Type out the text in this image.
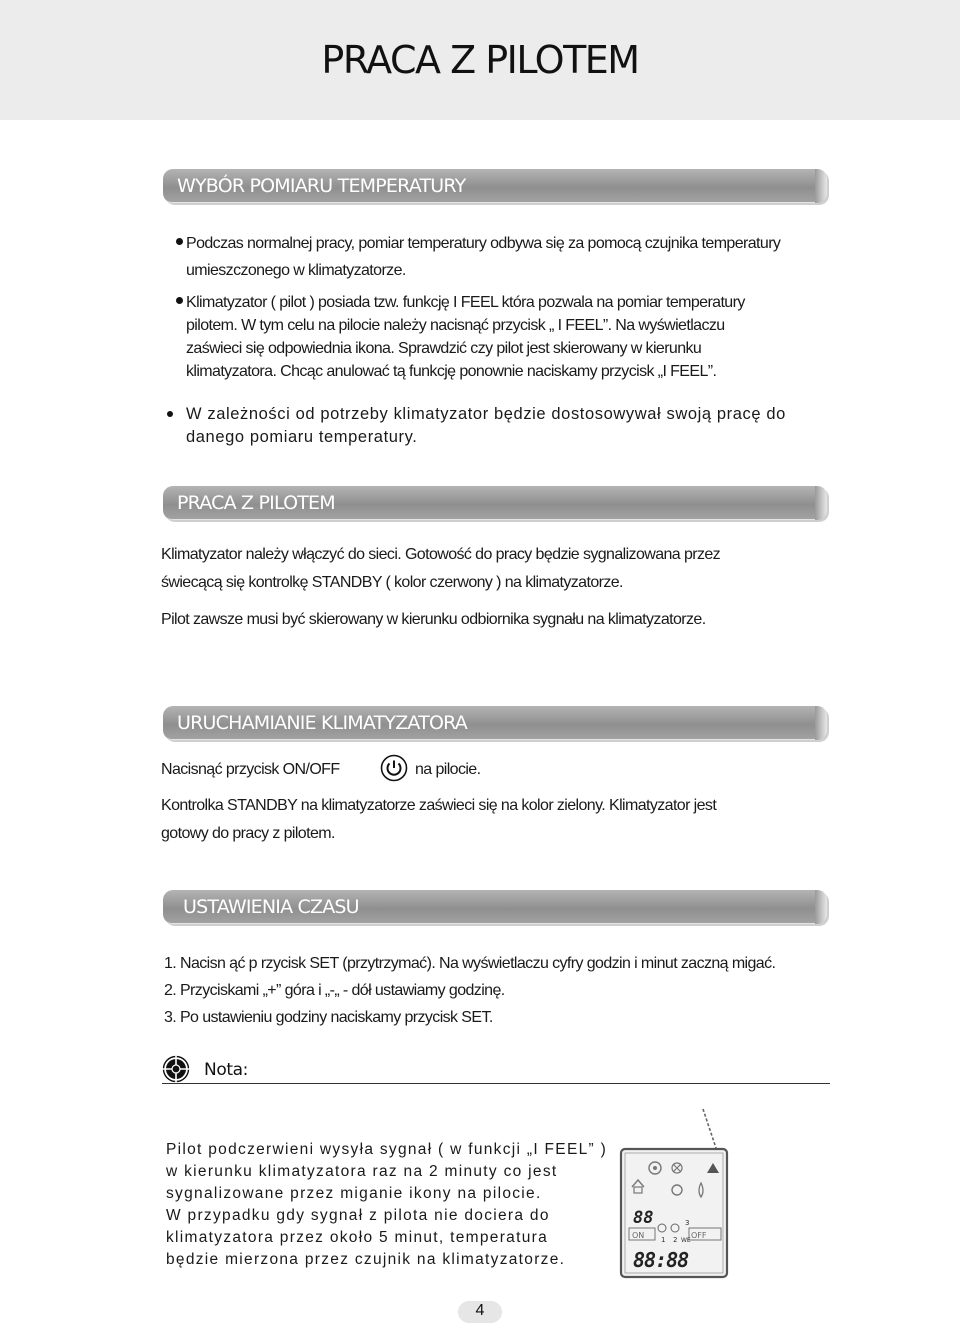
PRACA Z PILOTEM
WYBÓR POMIARU TEMPERATURY
Podczas normalnej pracy, pomiar temperatury odbywa się za pomocą czujnika temperatury
umieszczonego w klimatyzatorze.
Klimatyzator ( pilot ) posiada tzw. funkcję I FEEL która pozwala na pomiar temperatury
pilotem. W tym celu na pilocie należy nacisnąć przycisk „ I FEEL”. Na wyświetlaczu
zaświeci się odpowiednia ikona. Sprawdzić czy pilot jest skierowany w kierunku
klimatyzatora. Chcąc anulować tą funkcję ponownie naciskamy przycisk „I FEEL”.
W zależności od potrzeby klimatyzator będzie dostosowywał swoją pracę do
danego pomiaru temperatury.
PRACA Z PILOTEM
Klimatyzator należy włączyć do sieci. Gotowość do pracy będzie sygnalizowana przez
świecącą się kontrolkę STANDBY ( kolor czerwony ) na klimatyzatorze.
Pilot zawsze musi być skierowany w kierunku odbiornika sygnału na klimatyzatorze.
URUCHAMIANIE KLIMATYZATORA
Nacisnąć przycisk ON/OFF	na pilocie.
Kontrolka STANDBY na klimatyzatorze zaświeci się na kolor zielony. Klimatyzator jest
gotowy do pracy z pilotem.
USTAWIENIA CZASU
1. Nacisn ąć p rzycisk SET (przytrzymać). Na wyświetlaczu cyfry godzin i minut zaczną migać.
2. Przyciskami „+” góra i „-„ - dół ustawiamy godzinę.
3. Po ustawieniu godziny naciskamy przycisk SET.
Nota:
Pilot podczerwieni wysyła sygnał ( w funkcji „I FEEL” )
w kierunku klimatyzatora raz na 2 minuty co jest
sygnalizowane przez miganie ikony na pilocie.
W przypadku gdy sygnał z pilota nie dociera do
klimatyzatora przez około 5 minut, temperatura
będzie mierzona przez czujnik na klimatyzatorze.
88
ON	OFF
1 2 WE
3
88:88
4
